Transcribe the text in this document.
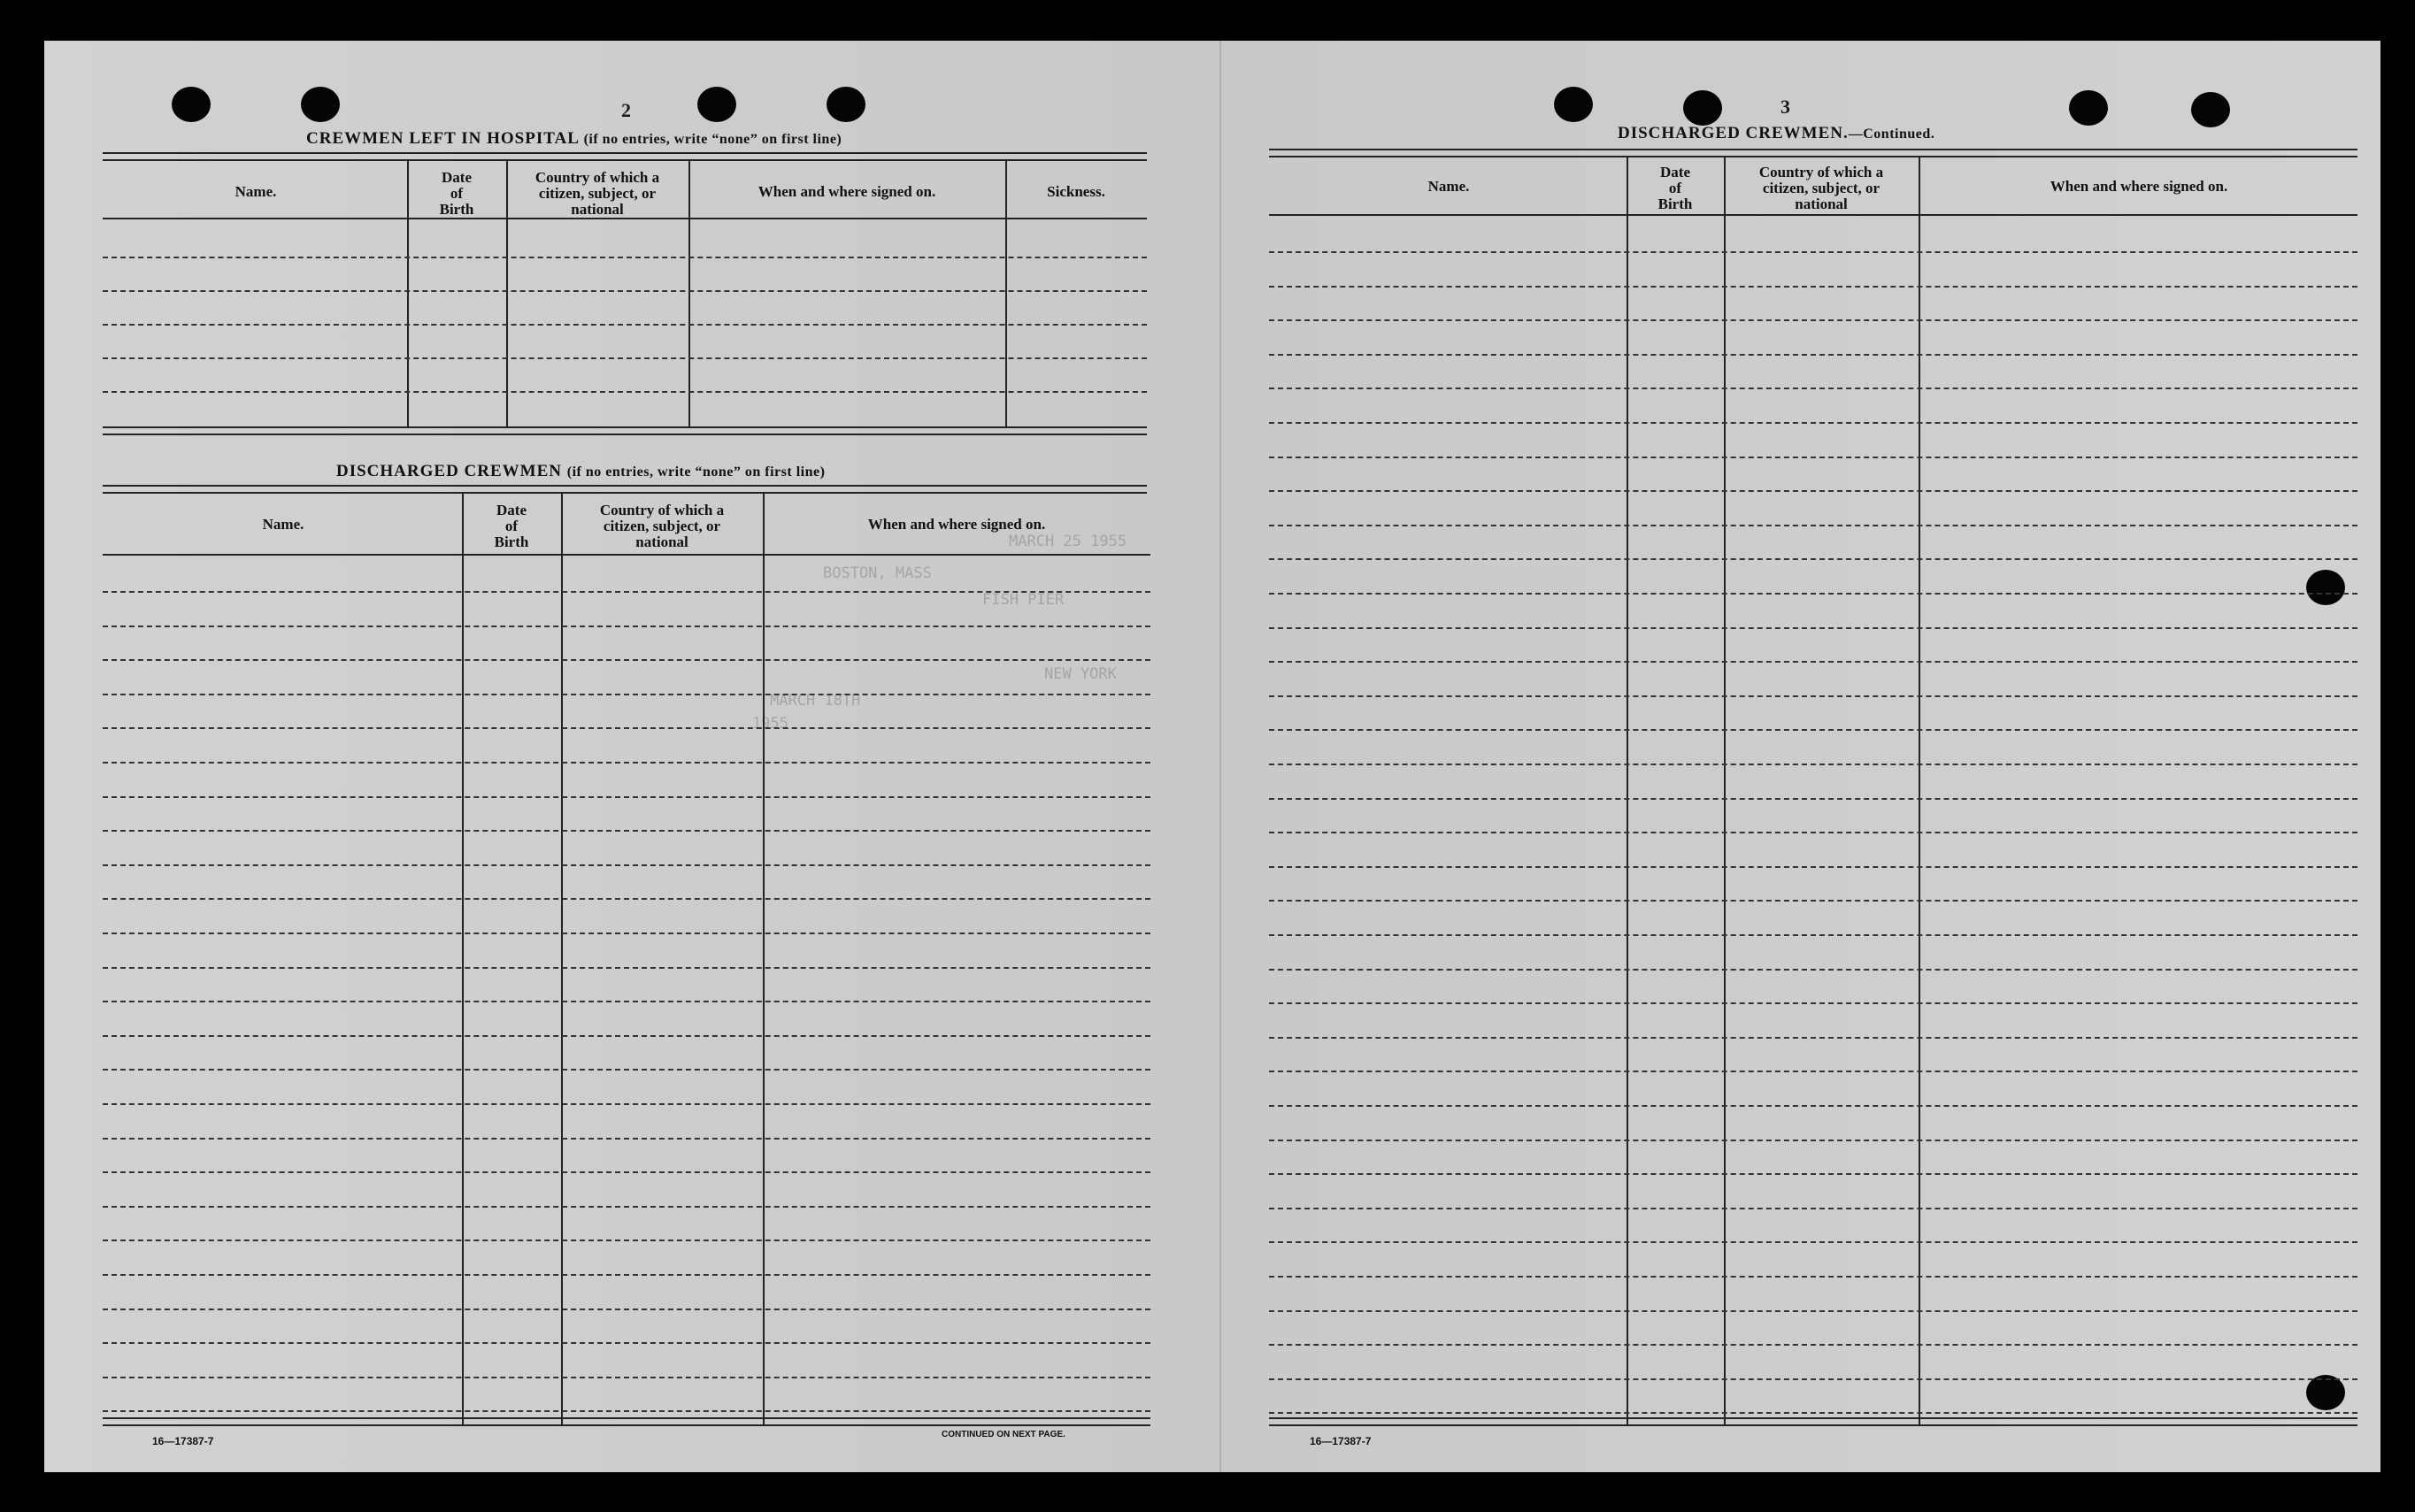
BOSTON, MASS
MARCH 25 1955
FISH PIER
MARCH 18TH
NEW YORK
1955
2
CREWMEN LEFT IN HOSPITAL (if no entries, write “none” on first line)
Name.
Date
of
Birth
Country of which a
citizen, subject, or
national
When and where signed on.	Sickness.
DISCHARGED CREWMEN (if no entries, write “none” on first line)
Name.
Date
of
Birth
Country of which a
citizen, subject, or
national
When and where signed on.
16—17387-7
CONTINUED ON NEXT PAGE.
3
DISCHARGED CREWMEN.—Continued.
Name.
Date
of
Birth
Country of which a
citizen, subject, or
national
When and where signed on.
16—17387-7
